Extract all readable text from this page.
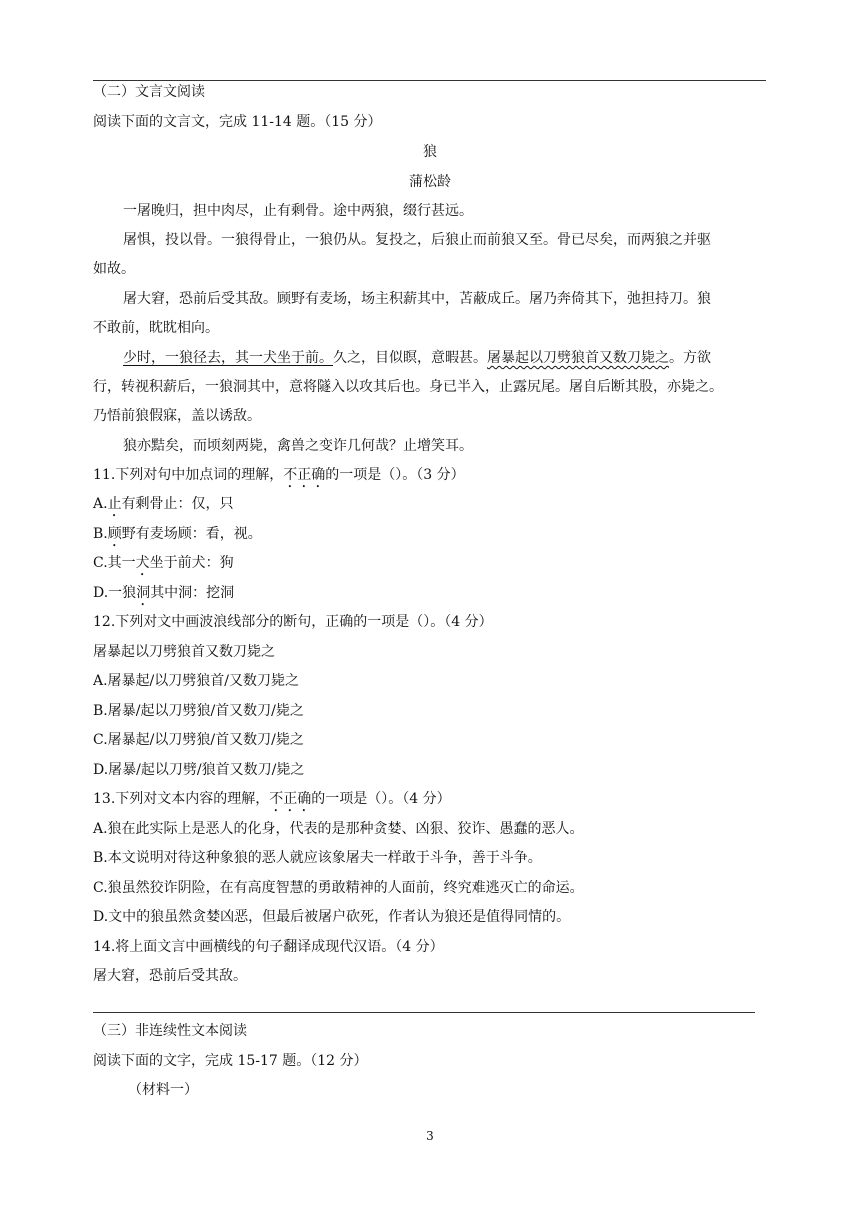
（二）文言文阅读
阅读下面的文言文，完成 11-14 题。（15 分）
狼
蒲松龄
一屠晚归，担中肉尽，止有剩骨。途中两狼，缀行甚远。
屠惧，投以骨。一狼得骨止，一狼仍从。复投之，后狼止而前狼又至。骨已尽矣，而两狼之并驱
如故。
屠大窘，恐前后受其敌。顾野有麦场，场主积薪其中，苫蔽成丘。屠乃奔倚其下，弛担持刀。狼
不敢前，眈眈相向。
少时，一狼径去，其一犬坐于前。久之，目似瞑，意暇甚。屠暴起以刀劈狼首又数刀毙之。方欲
行，转视积薪后，一狼洞其中，意将隧入以攻其后也。身已半入，止露尻尾。屠自后断其股，亦毙之。
乃悟前狼假寐，盖以诱敌。
狼亦黠矣，而顷刻两毙，禽兽之变诈几何哉？止增笑耳。
11.下列对句中加点词的理解，不正确的一项是（）。（3 分）
A.止有剩骨止：仅，只
B.顾野有麦场顾：看，视。
C.其一犬坐于前犬：狗
D.一狼洞其中洞：挖洞
12.下列对文中画波浪线部分的断句，正确的一项是（）。（4 分）
屠暴起以刀劈狼首又数刀毙之
A.屠暴起/以刀劈狼首/又数刀毙之
B.屠暴/起以刀劈狼/首又数刀/毙之
C.屠暴起/以刀劈狼/首又数刀/毙之
D.屠暴/起以刀劈/狼首又数刀/毙之
13.下列对文本内容的理解，不正确的一项是（）。（4 分）
A.狼在此实际上是恶人的化身，代表的是那种贪婪、凶狠、狡诈、愚蠢的恶人。
B.本文说明对待这种象狼的恶人就应该象屠夫一样敢于斗争，善于斗争。
C.狼虽然狡诈阴险，在有高度智慧的勇敢精神的人面前，终究难逃灭亡的命运。
D.文中的狼虽然贪婪凶恶，但最后被屠户砍死，作者认为狼还是值得同情的。
14.将上面文言中画横线的句子翻译成现代汉语。（4 分）
屠大窘，恐前后受其敌。
（三）非连续性文本阅读
阅读下面的文字，完成 15-17 题。（12 分）
（材料一）
3
